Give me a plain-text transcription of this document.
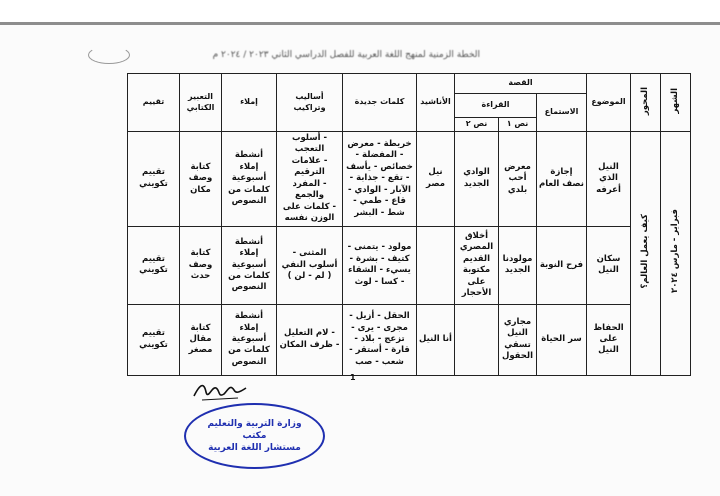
الخطة الزمنية لمنهج اللغة العربية للفصل الدراسي الثاني ٢٠٢٣ / ٢٠٢٤ م
الشهر	المحور	الموضوع	القصة			الأناشيد	كلمات جديدة	أساليب وتراكيب	إملاء	التعبير الكتابي	تقييم
			الاستماع	القراءة							
				نص ١	نص ٢						
فبراير - مارس ٢٠٢٤	كيف يعمل العالم؟	النيل الذي أعرفه	إجازة نصف العام	معرض أحب بلدي	الوادي الجديد	نيل مصر	خريطة - معرض - المفضلة - خصائص - يأسف - تقع - جذابة - الآبار - الوادي - قاع - طمي - شط - البشر	- أسلوب التعجب
- علامات الترقيم
- المفرد والجمع
- كلمات على الوزن نفسه	أنشطة إملاء أسبوعية كلمات من النصوص	كتابة وصف مكان	تقييم تكويني
		سكان النيل	فرح النوبة	مولودنا الجديد	أخلاق المصري القديم مكتوبة على الأحجار		مولود - يتمنى - كتيف - بشرة - يسيء - الشقاء - كسا - لوث	المثنى - أسلوب النفي ( لم - لن )	أنشطة إملاء أسبوعية كلمات من النصوص	كتابة وصف حدث	تقييم تكويني
		الحفاظ على النيل	سر الحياة	مجاري النيل تسقي الحقول		أنا النيل	الحقل - أزيل - مجرى - يرى - تزعج - بلاد - قارة - أستقر - شعب - صب	- لام التعليل
- ظرف المكان	أنشطة إملاء أسبوعية كلمات من النصوص	كتابة مقال مصغر	تقييم تكويني
1
وزارة التربية والتعليم
مكتب
مستشار اللغة العربية
